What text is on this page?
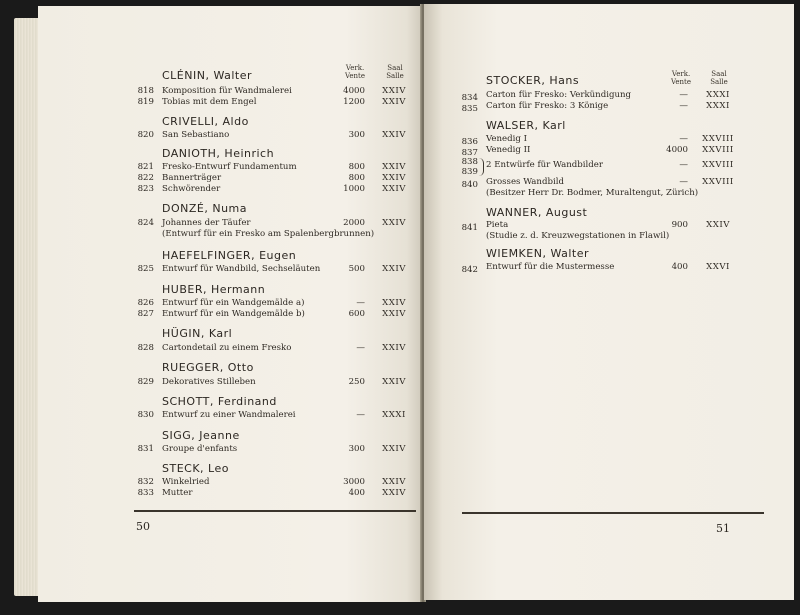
Verk.
Vente
Saal
Salle
CLÉNIN, Walter
818 Komposition für Wandmalerei	4000	XXIV
819 Tobias mit dem Engel	1200	XXIV
CRIVELLI, Aldo
820 San Sebastiano	300	XXIV
DANIOTH, Heinrich
821 Fresko-Entwurf Fundamentum	800	XXIV
822 Bannerträger	800	XXIV
823 Schwörender	1000	XXIV
DONZÉ, Numa
824 Johannes der Täufer	2000	XXIV
(Entwurf für ein Fresko am Spalenbergbrunnen)
HAEFELFINGER, Eugen
825 Entwurf für Wandbild, Sechseläuten	500	XXIV
HUBER, Hermann
826 Entwurf für ein Wandgemälde a)	—	XXIV
827 Entwurf für ein Wandgemälde b)	600	XXIV
HÜGIN, Karl
828 Cartondetail zu einem Fresko	—	XXIV
RUEGGER, Otto
829 Dekoratives Stilleben	250	XXIV
SCHOTT, Ferdinand
830 Entwurf zu einer Wandmalerei	—	XXXI
SIGG, Jeanne
831 Groupe d'enfants	300	XXIV
STECK, Leo
832 Winkelried	3000	XXIV
833 Mutter	400	XXIV
50
Verk.
Vente
Saal
Salle
STOCKER, Hans
834 Carton für Fresko: Verkündigung	—	XXXI
835 Carton für Fresko: 3 Könige	—	XXXI
WALSER, Karl
836 Venedig I	—	XXVIII
837 Venedig II	4000	XXVIII
838 2 Entwürfe für Wandbilder	—	XXVIII
839
840 Grosses Wandbild	—	XXVIII
(Besitzer Herr Dr. Bodmer, Muraltengut, Zürich)
WANNER, August
841 Pieta	900	XXIV
(Studie z. d. Kreuzwegstationen in Flawil)
WIEMKEN, Walter
842 Entwurf für die Mustermesse	400	XXVI
51
